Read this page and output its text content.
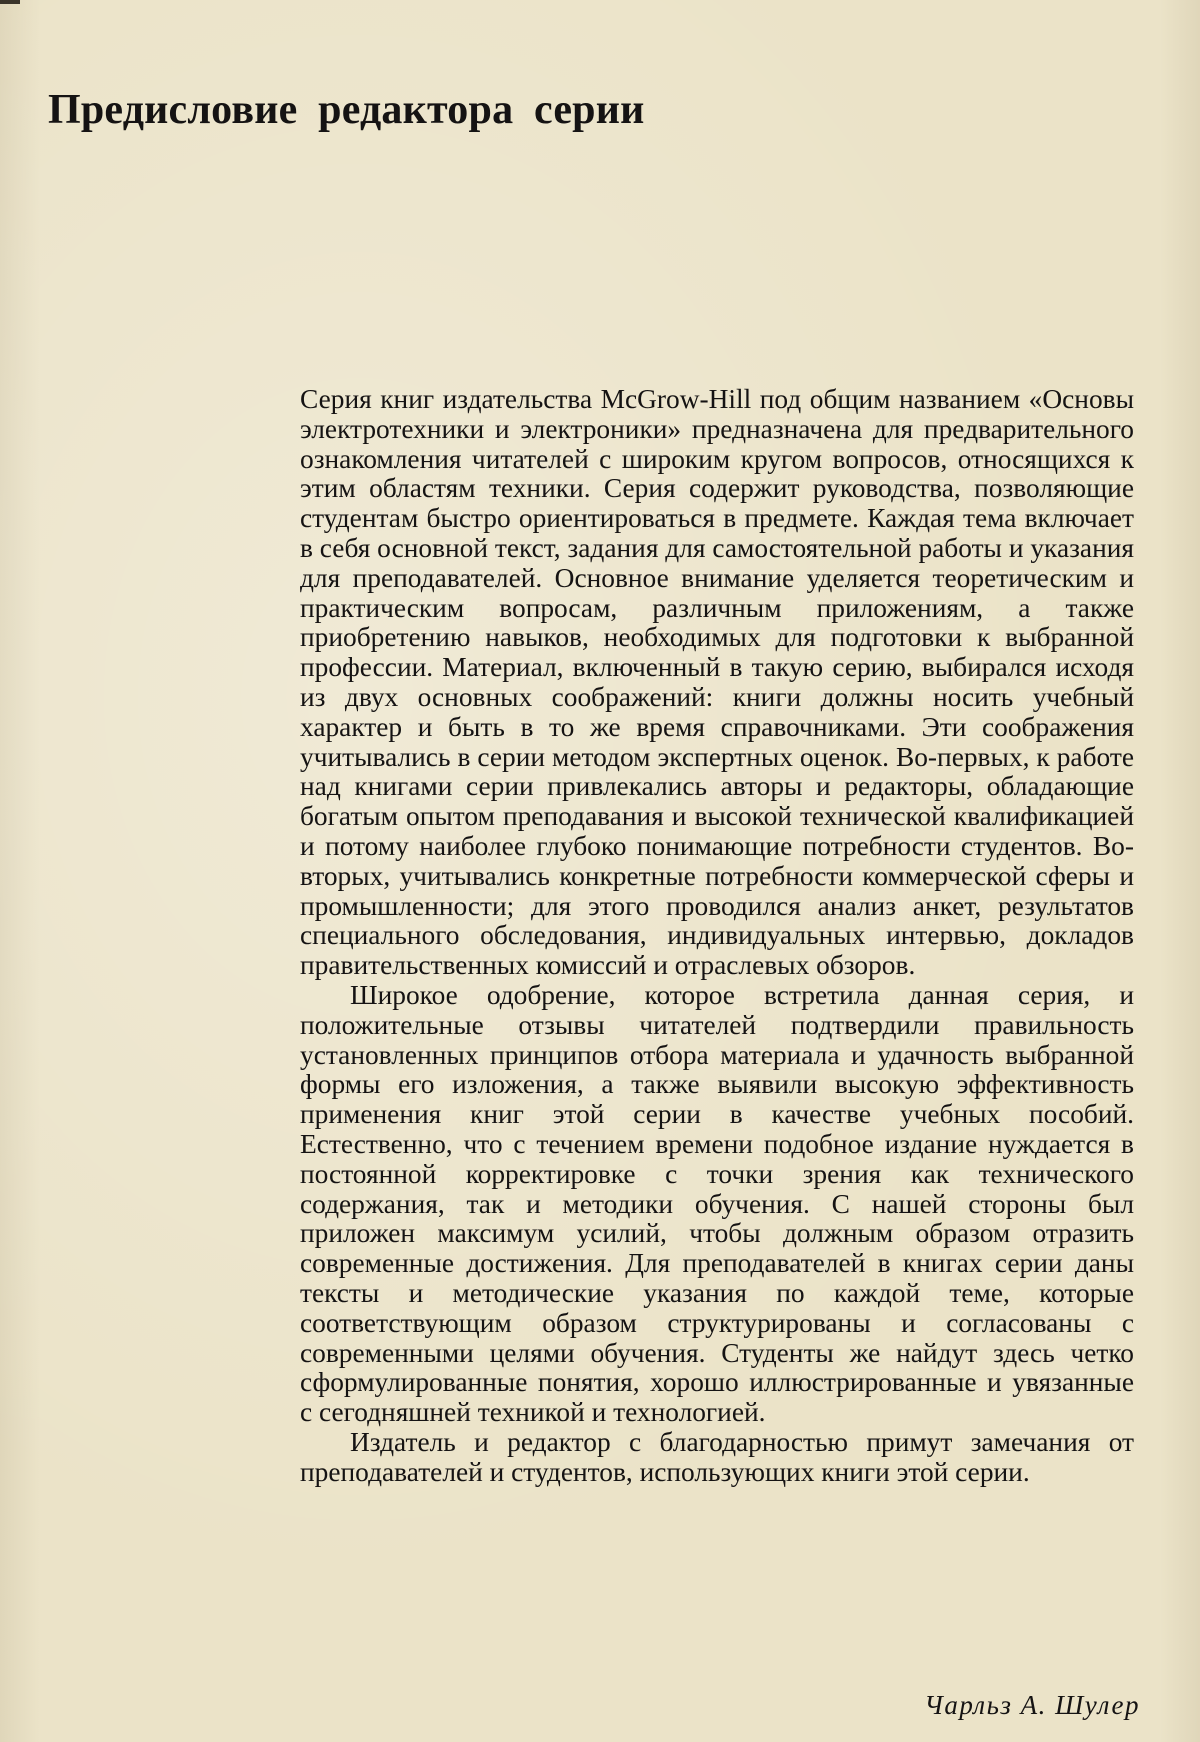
Предисловие редактора серии

Серия книг издательства McGrow-Hill под общим названием «Основы электротехники и электроники» предназначена для предварительного ознакомления читателей с широким кругом вопросов, относящихся к этим областям техники. Серия содержит руководства, позволяющие студентам быстро ориентироваться в предмете. Каждая тема включает в себя основной текст, задания для самостоятельной работы и указания для преподавателей. Основное внимание уделяется теоретическим и практическим вопросам, различным приложениям, а также приобретению навыков, необходимых для подготовки к выбранной профессии. Материал, включенный в такую серию, выбирался исходя из двух основных соображений: книги должны носить учебный характер и быть в то же время справочниками. Эти соображения учитывались в серии методом экспертных оценок. Во-первых, к работе над книгами серии привлекались авторы и редакторы, обладающие богатым опытом преподавания и высокой технической квалификацией и потому наиболее глубоко понимающие потребности студентов. Во-вторых, учитывались конкретные потребности коммерческой сферы и промышленности; для этого проводился анализ анкет, результатов специального обследования, индивидуальных интервью, докладов правительственных комиссий и отраслевых обзоров.

Широкое одобрение, которое встретила данная серия, и положительные отзывы читателей подтвердили правильность установленных принципов отбора материала и удачность выбранной формы его изложения, а также выявили высокую эффективность применения книг этой серии в качестве учебных пособий. Естественно, что с течением времени подобное издание нуждается в постоянной корректировке с точки зрения как технического содержания, так и методики обучения. С нашей стороны был приложен максимум усилий, чтобы должным образом отразить современные достижения. Для преподавателей в книгах серии даны тексты и методические указания по каждой теме, которые соответствующим образом структурированы и согласованы с современными целями обучения. Студенты же найдут здесь четко сформулированные понятия, хорошо иллюстрированные и увязанные с сегодняшней техникой и технологией.

Издатель и редактор с благодарностью примут замечания от преподавателей и студентов, использующих книги этой серии.

Чарльз А. Шулер
